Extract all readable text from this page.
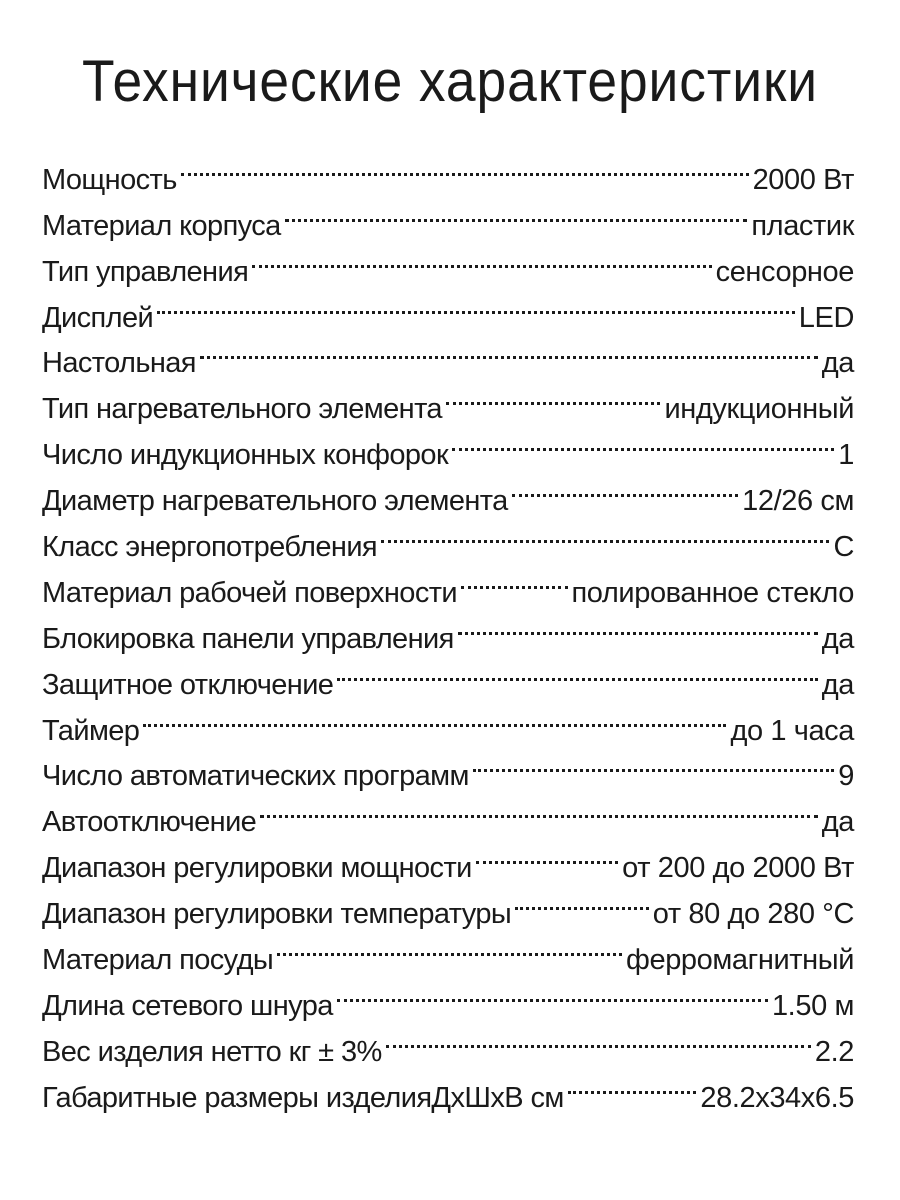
Технические характеристики
Мощность	2000 Вт
Материал корпуса	пластик
Тип управления	сенсорное
Дисплей	LED
Настольная	да
Тип нагревательного элемента	индукционный
Число индукционных конфорок	1
Диаметр нагревательного элемента	12/26 см
Класс энергопотребления	С
Материал рабочей поверхности	полированное стекло
Блокировка панели управления	да
Защитное отключение	да
Таймер	до 1 часа
Число автоматических программ	9
Автоотключение	да
Диапазон регулировки мощности	от 200 до 2000 Вт
Диапазон регулировки температуры	от 80 до 280 °С
Материал посуды	ферромагнитный
Длина сетевого шнура	1.50 м
Вес изделия нетто кг ± 3%	2.2
Габаритные размеры изделияДхШхВ см	28.2x34x6.5
